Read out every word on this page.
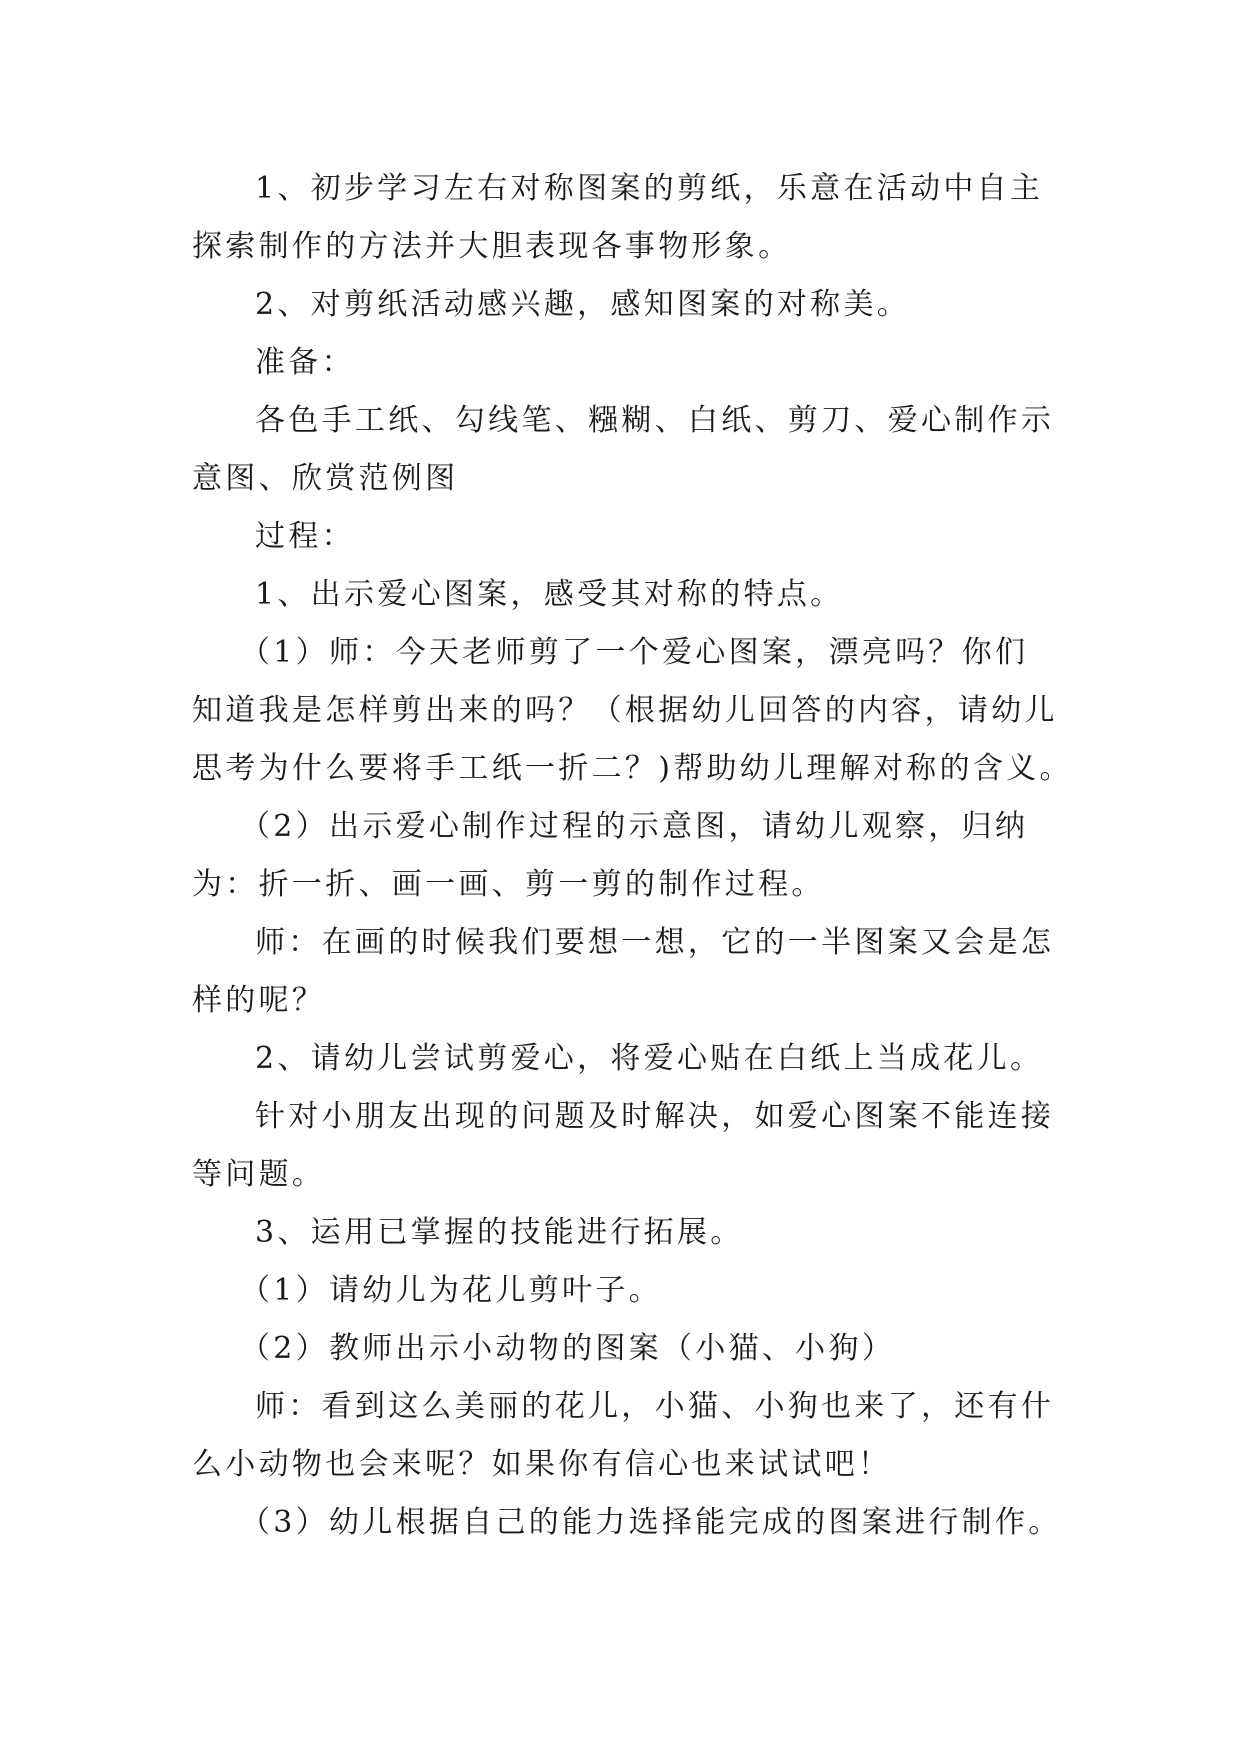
1、初步学习左右对称图案的剪纸，乐意在活动中自主
探索制作的方法并大胆表现各事物形象。
2、对剪纸活动感兴趣，感知图案的对称美。
准备：
各色手工纸、勾线笔、糨糊、白纸、剪刀、爱心制作示
意图、欣赏范例图
过程：
1、出示爱心图案，感受其对称的特点。
（1）师：今天老师剪了一个爱心图案，漂亮吗？你们
知道我是怎样剪出来的吗？（根据幼儿回答的内容，请幼儿
思考为什么要将手工纸一折二？)帮助幼儿理解对称的含义。
（2）出示爱心制作过程的示意图，请幼儿观察，归纳
为：折一折、画一画、剪一剪的制作过程。
师：在画的时候我们要想一想，它的一半图案又会是怎
样的呢？
2、请幼儿尝试剪爱心，将爱心贴在白纸上当成花儿。
针对小朋友出现的问题及时解决，如爱心图案不能连接
等问题。
3、运用已掌握的技能进行拓展。
（1）请幼儿为花儿剪叶子。
（2）教师出示小动物的图案（小猫、小狗）
师：看到这么美丽的花儿，小猫、小狗也来了，还有什
么小动物也会来呢？如果你有信心也来试试吧！
（3）幼儿根据自己的能力选择能完成的图案进行制作。
